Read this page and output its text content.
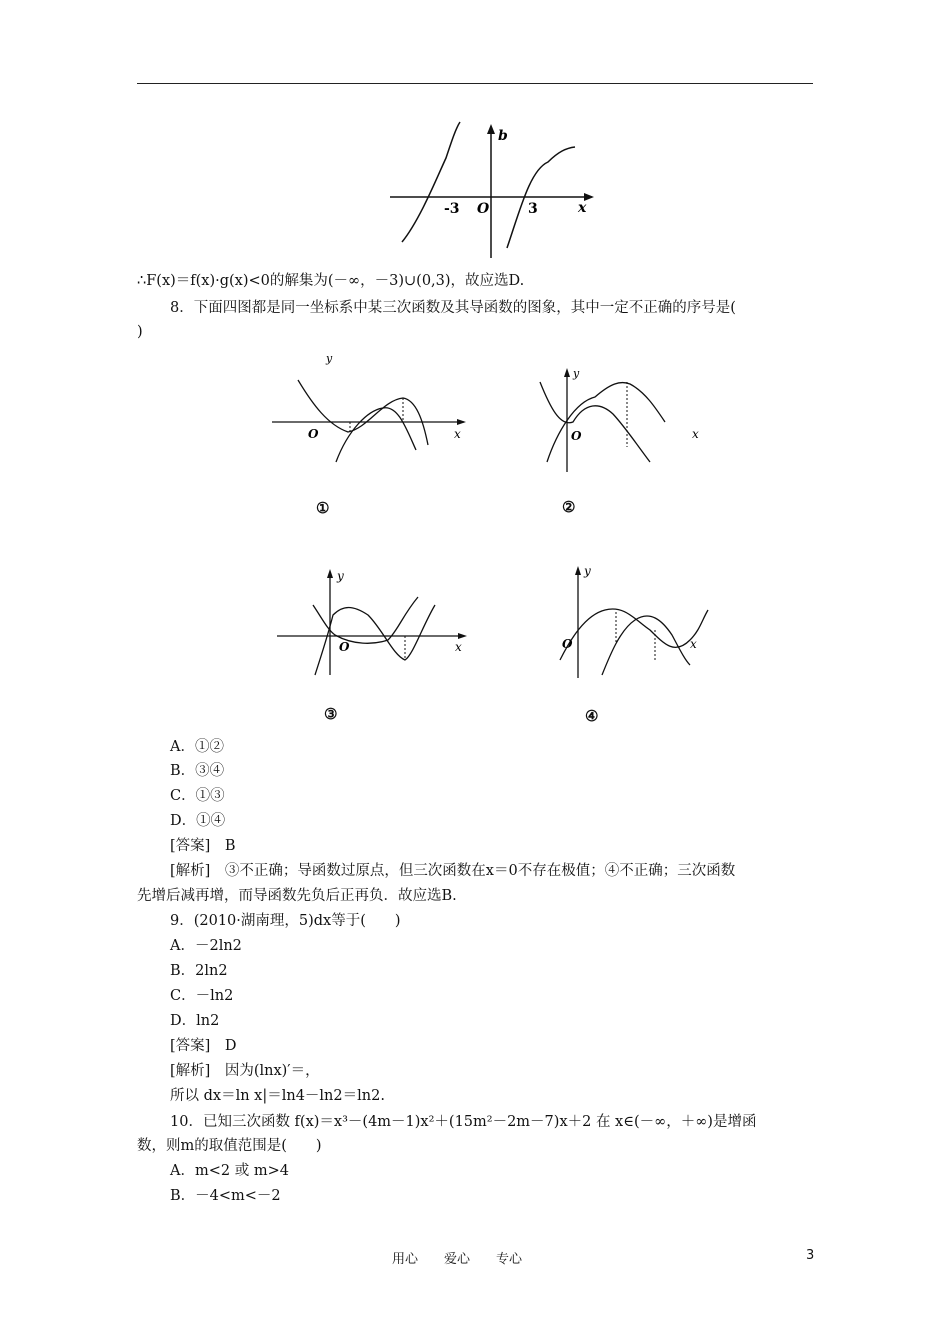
b
x
O
-3	3
∴F(x)＝f(x)·g(x)<0的解集为(－∞，－3)∪(0,3)，故应选D.
8．下面四图都是同一坐标系中某三次函数及其导函数的图象，其中一定不正确的序号是(
)
y
x
O
①
y
x
O
②
y
x
O
③
y
x
O
④
A．①②
B．③④
C．①③
D．①④
[答案]　B
[解析]　③不正确；导函数过原点，但三次函数在x＝0不存在极值；④不正确；三次函数
先增后减再增，而导函数先负后正再负．故应选B.
9．(2010·湖南理，5)dx等于(　　)
A．－2ln2
B．2ln2
C．－ln2
D．ln2
[答案]　D
[解析]　因为(lnx)′＝，
所以 dx＝ln x|＝ln4－ln2＝ln2.
10．已知三次函数 f(x)＝x³－(4m－1)x²＋(15m²－2m－7)x＋2 在 x∈(－∞，＋∞)是增函
数，则m的取值范围是(　　)
A．m<2 或 m>4
B．－4<m<－2
用心　　爱心　　专心	3
